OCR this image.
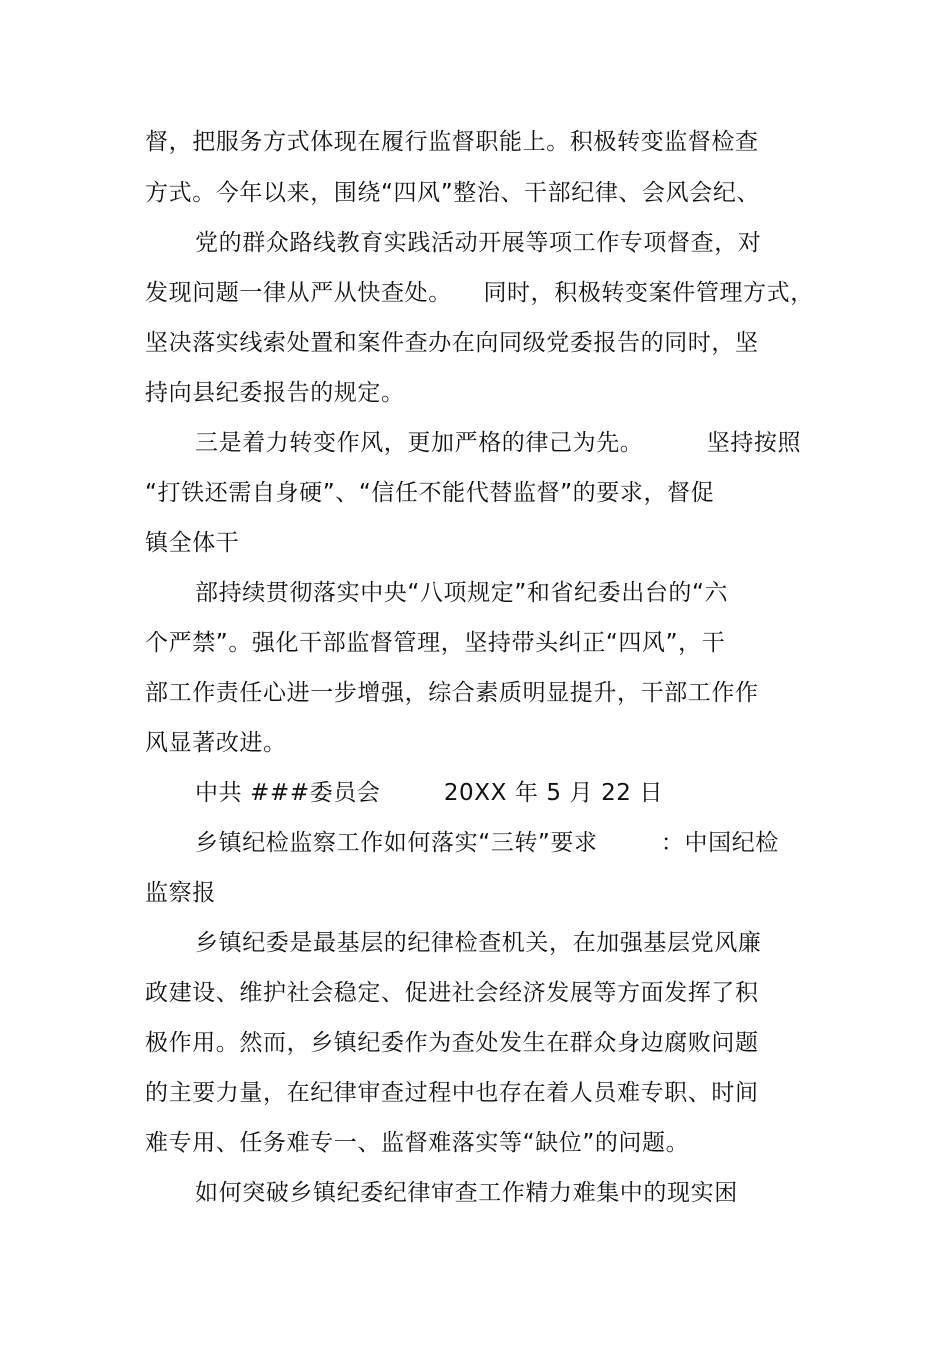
督，把服务方式体现在履行监督职能上。积极转变监督检查
方式。今年以来，围绕“四风”整治、干部纪律、会风会纪、
党的群众路线教育实践活动开展等项工作专项督查，对
发现问题一律从严从快查处。    同时，积极转变案件管理方式，
坚决落实线索处置和案件查办在向同级党委报告的同时，坚
持向县纪委报告的规定。
三是着力转变作风，更加严格的律己为先。        坚持按照
“打铁还需自身硬”、“信任不能代替监督”的要求，督促
镇全体干
部持续贯彻落实中央“八项规定”和省纪委出台的“六
个严禁”。强化干部监督管理，坚持带头纠正“四风”，干
部工作责任心进一步增强，综合素质明显提升，干部工作作
风显著改进。
中共 ###委员会        20XX 年 5 月 22 日
乡镇纪检监察工作如何落实“三转”要求        ：中国纪检
监察报
乡镇纪委是最基层的纪律检查机关，在加强基层党风廉
政建设、维护社会稳定、促进社会经济发展等方面发挥了积
极作用。然而，乡镇纪委作为查处发生在群众身边腐败问题
的主要力量，在纪律审查过程中也存在着人员难专职、时间
难专用、任务难专一、监督难落实等“缺位”的问题。
如何突破乡镇纪委纪律审查工作精力难集中的现实困
